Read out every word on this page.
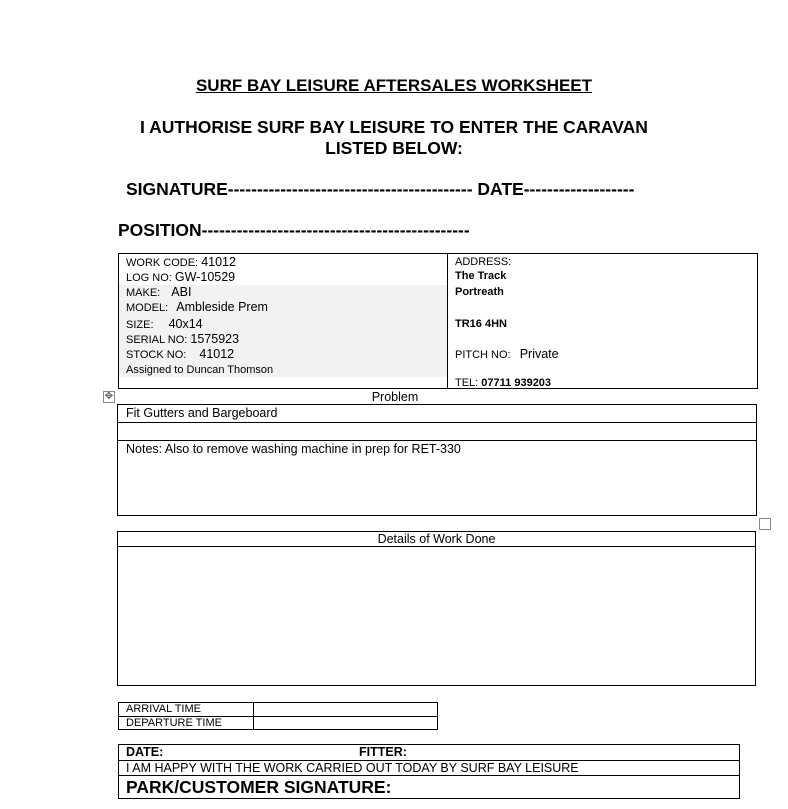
SURF BAY LEISURE AFTERSALES WORKSHEET
I AUTHORISE SURF BAY LEISURE TO ENTER THE CARAVAN
LISTED BELOW:
SIGNATURE------------------------------------------ DATE-------------------
POSITION----------------------------------------------
WORK CODE: 41012
LOG NO: GW-10529
MAKE: ABI
MODEL: Ambleside Prem
SIZE: 40x14
SERIAL NO: 1575923
STOCK NO: 41012
Assigned to Duncan Thomson
ADDRESS:
The Track
Portreath
TR16 4HN
PITCH NO: Private
TEL: 07711 939203
✥	Problem
Fit Gutters and Bargeboard
Notes: Also to remove washing machine in prep for RET-330
Details of Work Done
ARRIVAL TIME
DEPARTURE TIME
DATE:	FITTER:
I AM HAPPY WITH THE WORK CARRIED OUT TODAY BY SURF BAY LEISURE
PARK/CUSTOMER SIGNATURE:
